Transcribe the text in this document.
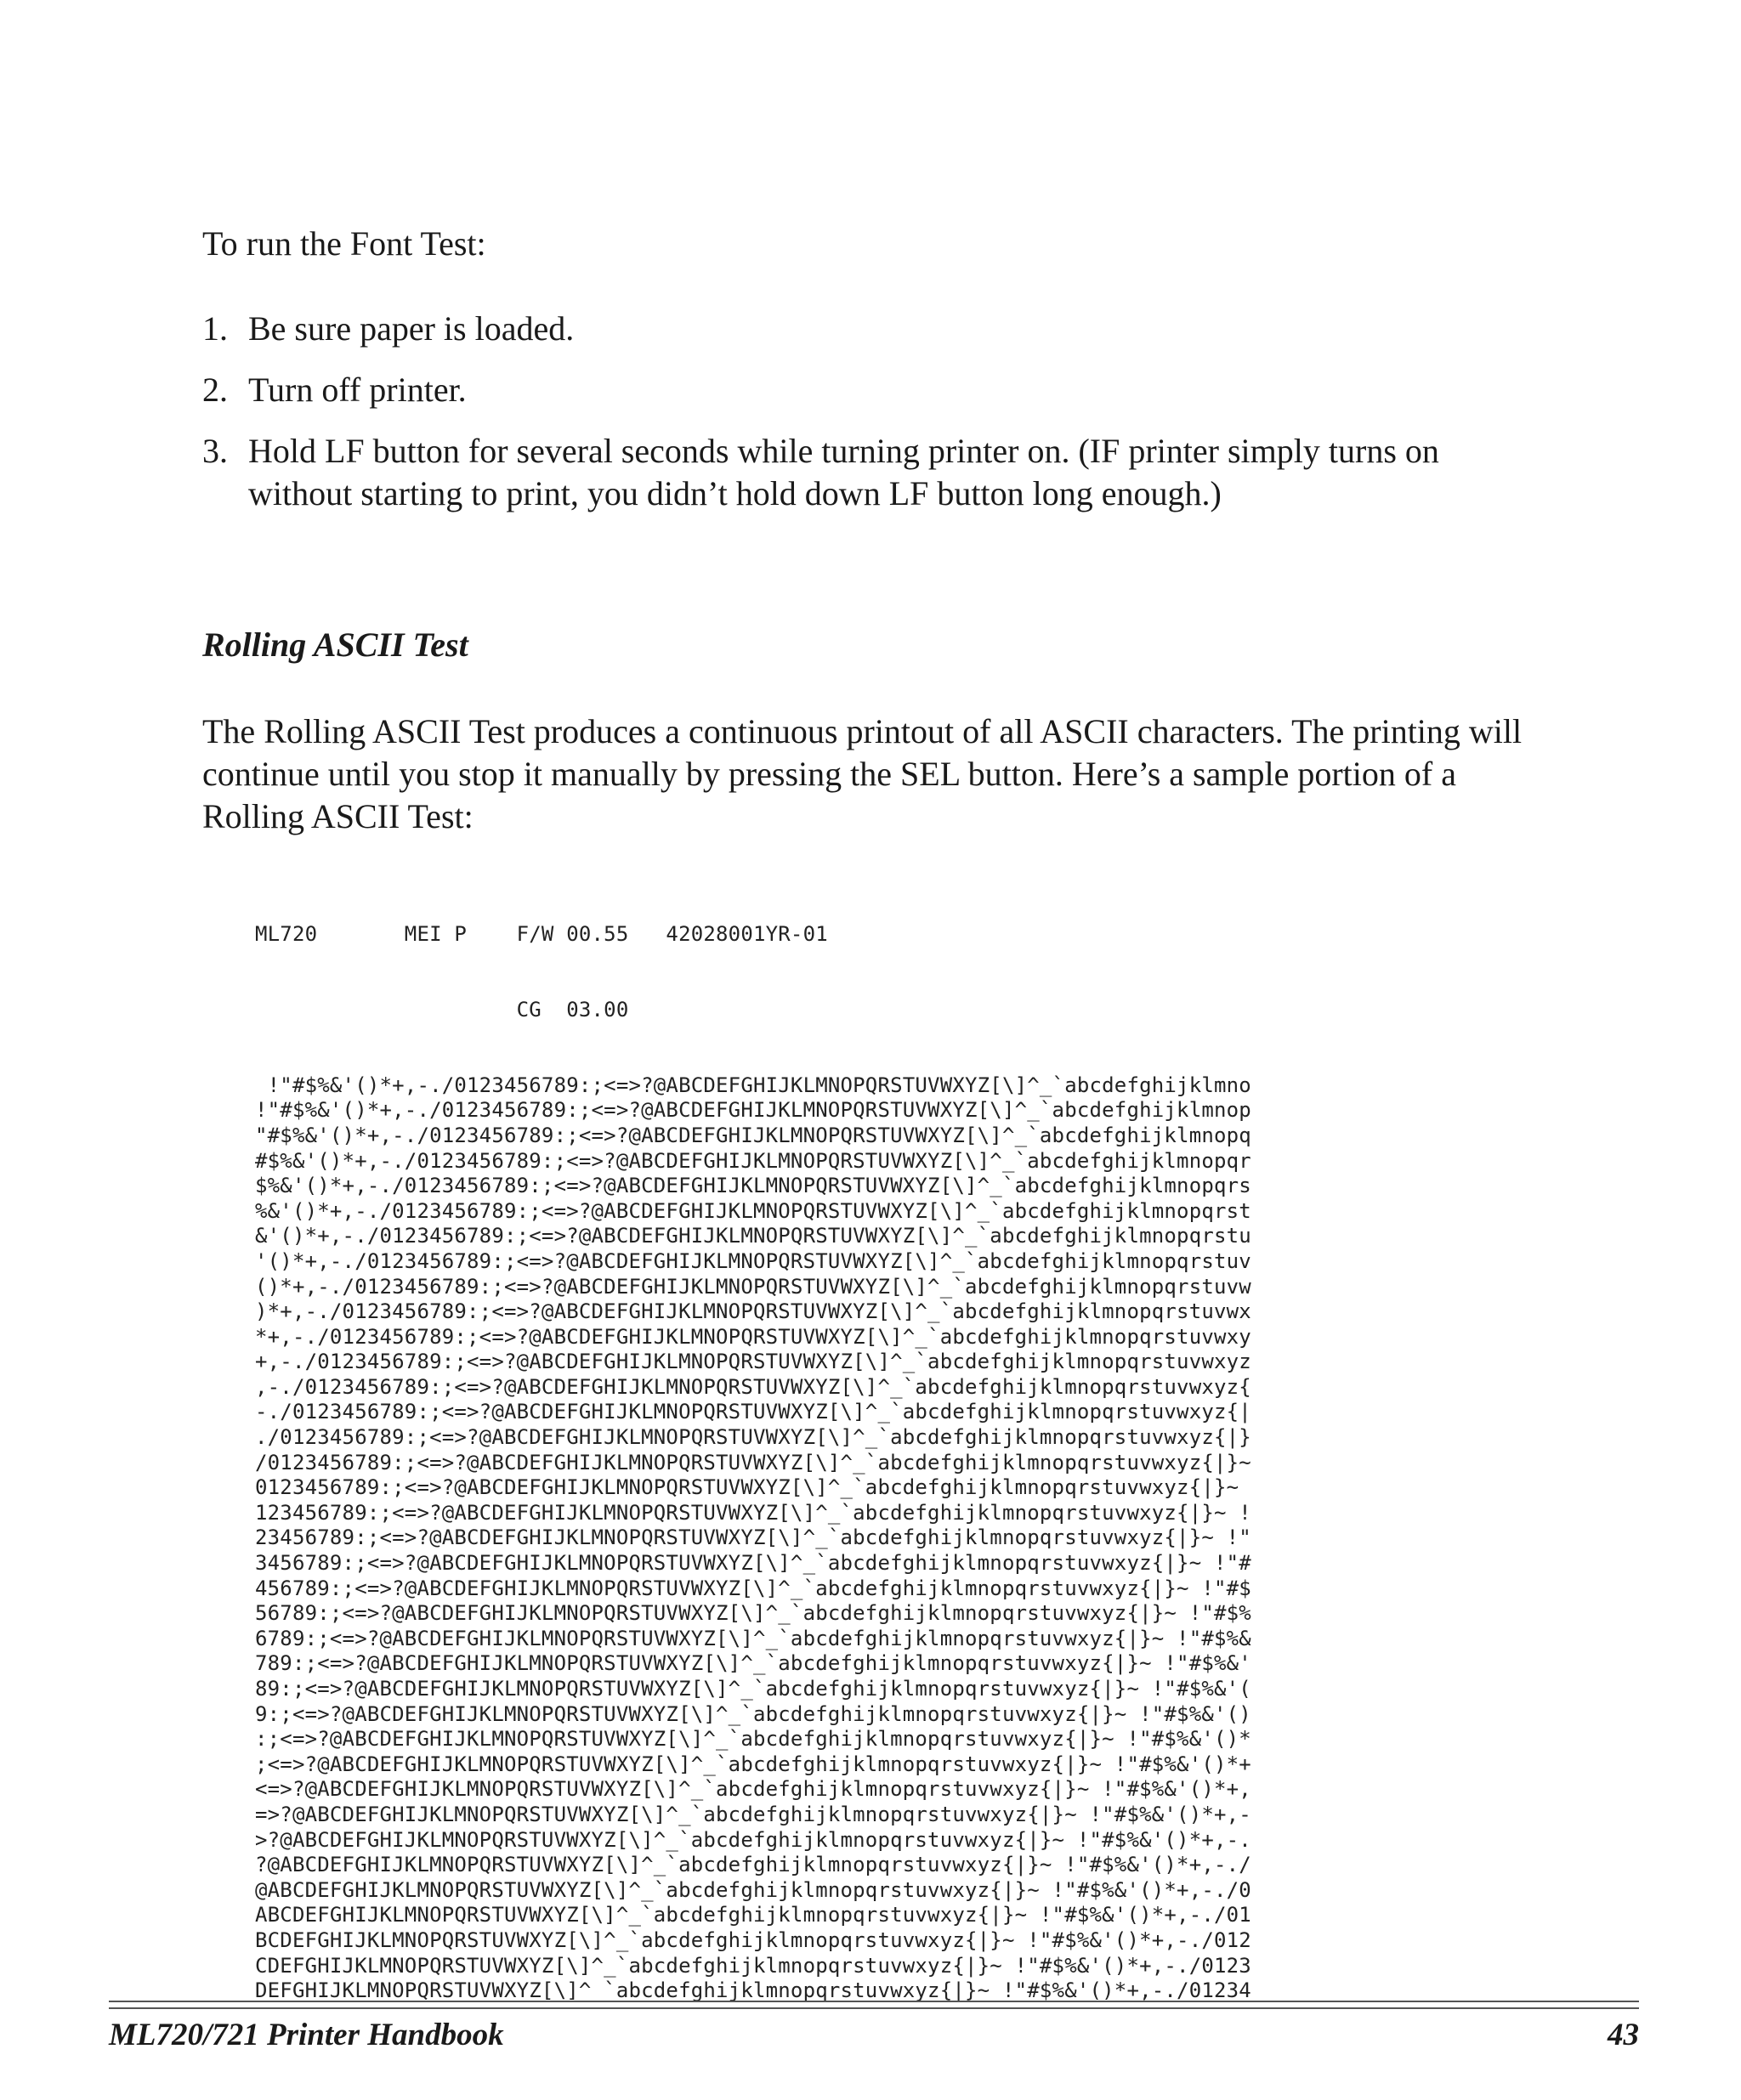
To run the Font Test:

1. Be sure paper is loaded.
2. Turn off printer.
3. Hold LF button for several seconds while turning printer on. (IF printer simply turns on without starting to print, you didn’t hold down LF button long enough.)
Rolling ASCII Test

The Rolling ASCII Test produces a continuous printout of all ASCII characters. The printing will continue until you stop it manually by pressing the SEL button. Here’s a sample portion of a Rolling ASCII Test:

ML720       MEI P    F/W 00.55   42028001YR-01

CG  03.00

!"#$%&'()*+,-./0123456789:;<=>?@ABCDEFGHIJKLMNOPQRSTUVWXYZ[\]^_`abcdefghijklmno
!"#$%&'()*+,-./0123456789:;<=>?@ABCDEFGHIJKLMNOPQRSTUVWXYZ[\]^_`abcdefghijklmnop
"#$%&'()*+,-./0123456789:;<=>?@ABCDEFGHIJKLMNOPQRSTUVWXYZ[\]^_`abcdefghijklmnopq
#$%&'()*+,-./0123456789:;<=>?@ABCDEFGHIJKLMNOPQRSTUVWXYZ[\]^_`abcdefghijklmnopqr
$%&'()*+,-./0123456789:;<=>?@ABCDEFGHIJKLMNOPQRSTUVWXYZ[\]^_`abcdefghijklmnopqrs
%&'()*+,-./0123456789:;<=>?@ABCDEFGHIJKLMNOPQRSTUVWXYZ[\]^_`abcdefghijklmnopqrst
&'()*+,-./0123456789:;<=>?@ABCDEFGHIJKLMNOPQRSTUVWXYZ[\]^_`abcdefghijklmnopqrstu
'()*+,-./0123456789:;<=>?@ABCDEFGHIJKLMNOPQRSTUVWXYZ[\]^_`abcdefghijklmnopqrstuv
()*+,-./0123456789:;<=>?@ABCDEFGHIJKLMNOPQRSTUVWXYZ[\]^_`abcdefghijklmnopqrstuvw
)*+,-./0123456789:;<=>?@ABCDEFGHIJKLMNOPQRSTUVWXYZ[\]^_`abcdefghijklmnopqrstuvwx
*+,-./0123456789:;<=>?@ABCDEFGHIJKLMNOPQRSTUVWXYZ[\]^_`abcdefghijklmnopqrstuvwxy
+,-./0123456789:;<=>?@ABCDEFGHIJKLMNOPQRSTUVWXYZ[\]^_`abcdefghijklmnopqrstuvwxyz
,-./0123456789:;<=>?@ABCDEFGHIJKLMNOPQRSTUVWXYZ[\]^_`abcdefghijklmnopqrstuvwxyz{
-./0123456789:;<=>?@ABCDEFGHIJKLMNOPQRSTUVWXYZ[\]^_`abcdefghijklmnopqrstuvwxyz{|
./0123456789:;<=>?@ABCDEFGHIJKLMNOPQRSTUVWXYZ[\]^_`abcdefghijklmnopqrstuvwxyz{|}
/0123456789:;<=>?@ABCDEFGHIJKLMNOPQRSTUVWXYZ[\]^_`abcdefghijklmnopqrstuvwxyz{|}~
0123456789:;<=>?@ABCDEFGHIJKLMNOPQRSTUVWXYZ[\]^_`abcdefghijklmnopqrstuvwxyz{|}~
123456789:;<=>?@ABCDEFGHIJKLMNOPQRSTUVWXYZ[\]^_`abcdefghijklmnopqrstuvwxyz{|}~ !
23456789:;<=>?@ABCDEFGHIJKLMNOPQRSTUVWXYZ[\]^_`abcdefghijklmnopqrstuvwxyz{|}~ !"
3456789:;<=>?@ABCDEFGHIJKLMNOPQRSTUVWXYZ[\]^_`abcdefghijklmnopqrstuvwxyz{|}~ !"#
456789:;<=>?@ABCDEFGHIJKLMNOPQRSTUVWXYZ[\]^_`abcdefghijklmnopqrstuvwxyz{|}~ !"#$
56789:;<=>?@ABCDEFGHIJKLMNOPQRSTUVWXYZ[\]^_`abcdefghijklmnopqrstuvwxyz{|}~ !"#$%
6789:;<=>?@ABCDEFGHIJKLMNOPQRSTUVWXYZ[\]^_`abcdefghijklmnopqrstuvwxyz{|}~ !"#$%&
789:;<=>?@ABCDEFGHIJKLMNOPQRSTUVWXYZ[\]^_`abcdefghijklmnopqrstuvwxyz{|}~ !"#$%&'
89:;<=>?@ABCDEFGHIJKLMNOPQRSTUVWXYZ[\]^_`abcdefghijklmnopqrstuvwxyz{|}~ !"#$%&'(
9:;<=>?@ABCDEFGHIJKLMNOPQRSTUVWXYZ[\]^_`abcdefghijklmnopqrstuvwxyz{|}~ !"#$%&'()
:;<=>?@ABCDEFGHIJKLMNOPQRSTUVWXYZ[\]^_`abcdefghijklmnopqrstuvwxyz{|}~ !"#$%&'()*
;<=>?@ABCDEFGHIJKLMNOPQRSTUVWXYZ[\]^_`abcdefghijklmnopqrstuvwxyz{|}~ !"#$%&'()*+
<=>?@ABCDEFGHIJKLMNOPQRSTUVWXYZ[\]^_`abcdefghijklmnopqrstuvwxyz{|}~ !"#$%&'()*+,
=>?@ABCDEFGHIJKLMNOPQRSTUVWXYZ[\]^_`abcdefghijklmnopqrstuvwxyz{|}~ !"#$%&'()*+,-
>?@ABCDEFGHIJKLMNOPQRSTUVWXYZ[\]^_`abcdefghijklmnopqrstuvwxyz{|}~ !"#$%&'()*+,-.
?@ABCDEFGHIJKLMNOPQRSTUVWXYZ[\]^_`abcdefghijklmnopqrstuvwxyz{|}~ !"#$%&'()*+,-./
@ABCDEFGHIJKLMNOPQRSTUVWXYZ[\]^_`abcdefghijklmnopqrstuvwxyz{|}~ !"#$%&'()*+,-./0
ABCDEFGHIJKLMNOPQRSTUVWXYZ[\]^_`abcdefghijklmnopqrstuvwxyz{|}~ !"#$%&'()*+,-./01
BCDEFGHIJKLMNOPQRSTUVWXYZ[\]^_`abcdefghijklmnopqrstuvwxyz{|}~ !"#$%&'()*+,-./012
CDEFGHIJKLMNOPQRSTUVWXYZ[\]^_`abcdefghijklmnopqrstuvwxyz{|}~ !"#$%&'()*+,-./0123
DEFGHIJKLMNOPQRSTUVWXYZ[\]^_`abcdefghijklmnopqrstuvwxyz{|}~ !"#$%&'()*+,-./01234

ML720/721 Printer Handbook	43
